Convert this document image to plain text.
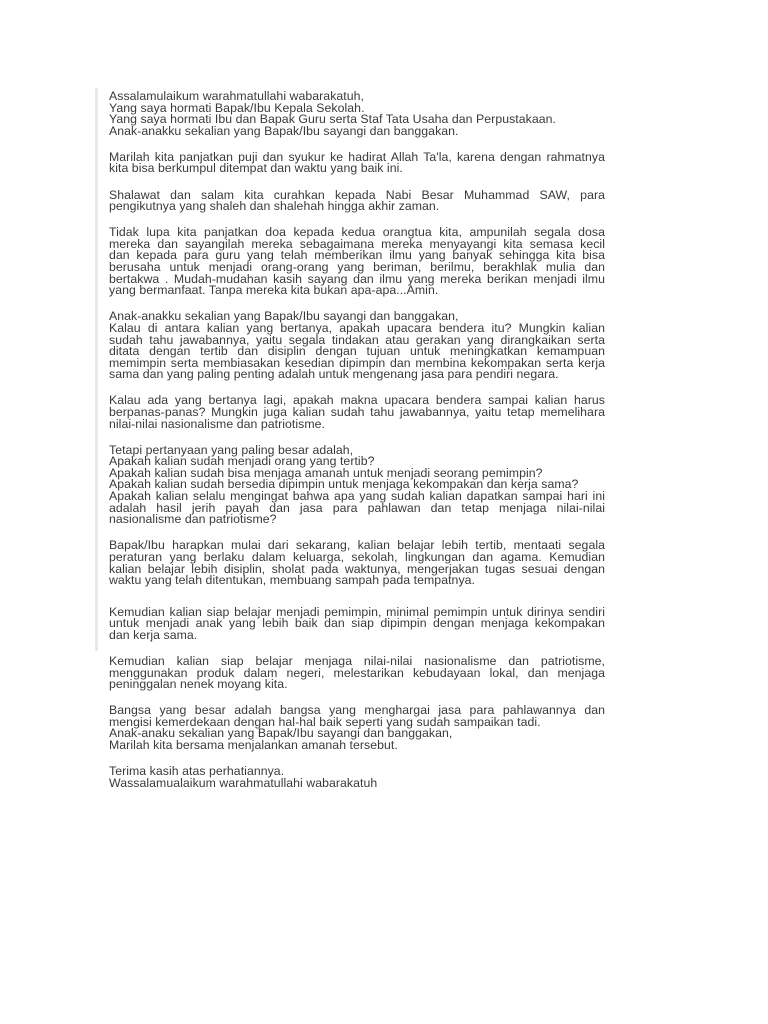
Assalamulaikum warahmatullahi wabarakatuh,
Yang saya hormati Bapak/Ibu Kepala Sekolah.
Yang saya hormati Ibu dan Bapak Guru serta Staf Tata Usaha dan Perpustakaan.
Anak-anakku sekalian yang Bapak/Ibu sayangi dan banggakan.
Marilah kita panjatkan puji dan syukur ke hadirat Allah Ta'la, karena dengan rahmatnya
kita bisa berkumpul ditempat dan waktu yang baik ini.
Shalawat dan salam kita curahkan kepada Nabi Besar Muhammad SAW, para
pengikutnya yang shaleh dan shalehah hingga akhir zaman.
Tidak lupa kita panjatkan doa kepada kedua orangtua kita, ampunilah segala dosa
mereka dan sayangilah mereka sebagaimana mereka menyayangi kita semasa kecil
dan kepada para guru yang telah memberikan ilmu yang banyak sehingga kita bisa
berusaha untuk menjadi orang-orang yang beriman, berilmu, berakhlak mulia dan
bertakwa . Mudah-mudahan kasih sayang dan ilmu yang mereka berikan menjadi ilmu
yang bermanfaat. Tanpa mereka kita bukan apa-apa...Amin.
Anak-anakku sekalian yang Bapak/Ibu sayangi dan banggakan,
Kalau di antara kalian yang bertanya, apakah upacara bendera itu? Mungkin kalian
sudah tahu jawabannya, yaitu segala tindakan atau gerakan yang dirangkaikan serta
ditata dengan tertib dan disiplin dengan tujuan untuk meningkatkan kemampuan
memimpin serta membiasakan kesedian dipimpin dan membina kekompakan serta kerja
sama dan yang paling penting adalah untuk mengenang jasa para pendiri negara.
Kalau ada yang bertanya lagi, apakah makna upacara bendera sampai kalian harus
berpanas-panas? Mungkin juga kalian sudah tahu jawabannya, yaitu tetap memelihara
nilai-nilai nasionalisme dan patriotisme.
Tetapi pertanyaan yang paling besar adalah,
Apakah kalian sudah menjadi orang yang tertib?
Apakah kalian sudah bisa menjaga amanah untuk menjadi seorang pemimpin?
Apakah kalian sudah bersedia dipimpin untuk menjaga kekompakan dan kerja sama?
Apakah kalian selalu mengingat bahwa apa yang sudah kalian dapatkan sampai hari ini
adalah hasil jerih payah dan jasa para pahlawan dan tetap menjaga nilai-nilai
nasionalisme dan patriotisme?
Bapak/Ibu harapkan mulai dari sekarang, kalian belajar lebih tertib, mentaati segala
peraturan yang berlaku dalam keluarga, sekolah, lingkungan dan agama. Kemudian
kalian belajar lebih disiplin, sholat pada waktunya, mengerjakan tugas sesuai dengan
waktu yang telah ditentukan, membuang sampah pada tempatnya.
Kemudian kalian siap belajar menjadi pemimpin, minimal pemimpin untuk dirinya sendiri
untuk menjadi anak yang lebih baik dan siap dipimpin dengan menjaga kekompakan
dan kerja sama.
Kemudian kalian siap belajar menjaga nilai-nilai nasionalisme dan patriotisme,
menggunakan produk dalam negeri, melestarikan kebudayaan lokal, dan menjaga
peninggalan nenek moyang kita.
Bangsa yang besar adalah bangsa yang menghargai jasa para pahlawannya dan
mengisi kemerdekaan dengan hal-hal baik seperti yang sudah sampaikan tadi.
Anak-anaku sekalian yang Bapak/Ibu sayangi dan banggakan,
Marilah kita bersama menjalankan amanah tersebut.
Terima kasih atas perhatiannya.
Wassalamualaikum warahmatullahi wabarakatuh
